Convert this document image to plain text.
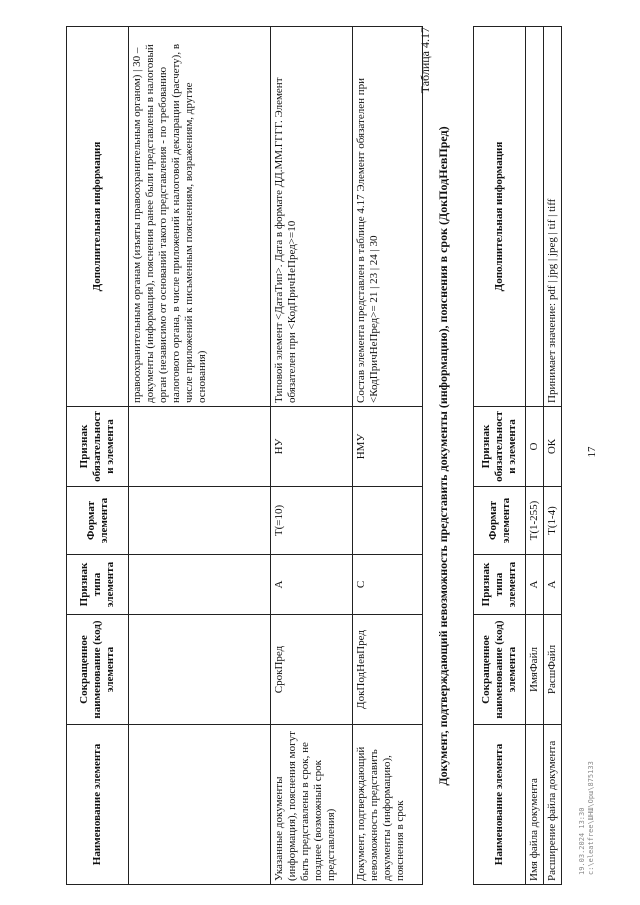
17
Наименование элемента	Сокращенное наименование (код) элемента	Признак типа элемента	Формат элемента	Признак обязательности элемента	Дополнительная информация
					правоохранительным органам (изъяты правоохранительным органом) | 30 – документы (информация), пояснения ранее были представлены в налоговый орган (независимо от оснований такого представления - по требованию налогового органа, в числе приложений к налоговой декларации (расчету), в числе приложений к письменным пояснениям, возражениям, другие основания)
Указанные документы (информация), пояснения могут быть представлены в срок, не позднее (возможный срок представления)	СрокПред	А	T(=10)	НУ	Типовой элемент <ДатаТип>. Дата в формате ДД.ММ.ГГГГ. Элемент обязателен при <КодПричНеПред>=10
Документ, подтверждающий невозможность представить документы (информацию), пояснения в срок	ДокПодНевПред	С		НМУ	Состав элемента представлен в таблице 4.17 Элемент обязателен при <КодПричНеПред>= 21 | 23 | 24 | 30
Таблица 4.17
Документ, подтверждающий невозможность представить документы (информацию), пояснения в срок (ДокПодНевПред)
Наименование элемента	Сокращенное наименование (код) элемента	Признак типа элемента	Формат элемента	Признак обязательности элемента	Дополнительная информация
Имя файла документа	ИмяФайл	А	T(1-255)	О	
Расширение файла документа	РасшФайл	А	T(1-4)	ОК	Принимает значение: pdf | jpg | jpeg | tif | tiff
19.03.2024 13:30 c:\eleatfree\ШНШ\Орш\875133
